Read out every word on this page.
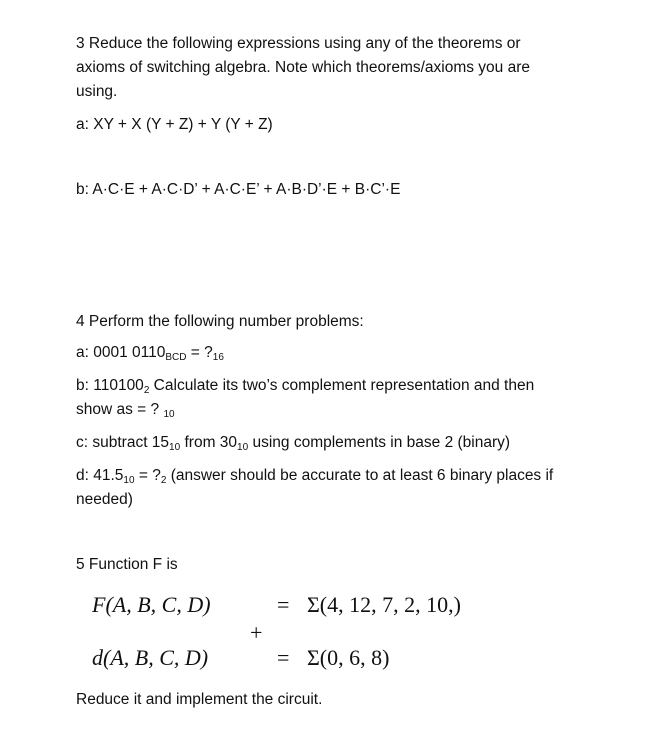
3 Reduce the following expressions using any of the theorems or

axioms of switching algebra. Note which theorems/axioms you are

using.

a: XY + X (Y + Z) + Y (Y + Z)

b: A·C·E + A·C·D’ + A·C·E’ + A·B·D’·E + B·C’·E

4 Perform the following number problems:

a: 0001 $0110_{BCD}$ = $?_{16}$

b: $110100_2$ Calculate its two’s complement representation and then

show as = ? $_{10}$

c: subtract $15_{10}$ from $30_{10}$ using complements in base 2 (binary)

d: $41.5_{10}$ = $?_2$ (answer should be accurate to at least 6 binary places if

needed)

5 Function F is

F(A, B, C, D)	= Σ(4, 12, 7, 2, 10,)
+
d(A, B, C, D)	= Σ(0, 6, 8)

Reduce it and implement the circuit.
